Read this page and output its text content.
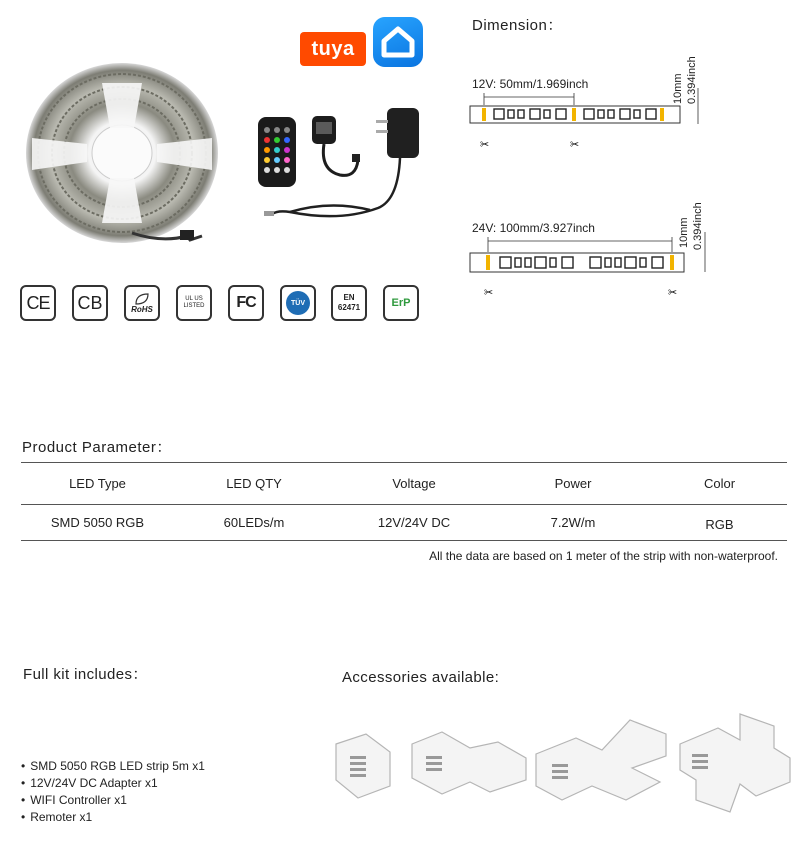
tuya
CE CB	RoHS
UL US LISTED FC	TÜV
EN 62471	ErP
Dimension：
12V: 50mm/1.969inch
✂	✂
10mm 0.394inch
24V: 100mm/3.927inch
✂	✂
10mm 0.394inch
Product Parameter：
LED Type	LED QTY	Voltage	Power	Color
SMD 5050 RGB	60LEDs/m	12V/24V DC	7.2W/m	RGB
All the data are based on 1 meter of the strip with non-waterproof.
Full kit includes：
• SMD 5050 RGB LED strip 5m x1
• 12V/24V DC Adapter x1
• WIFI Controller x1
• Remoter x1
Accessories available:
